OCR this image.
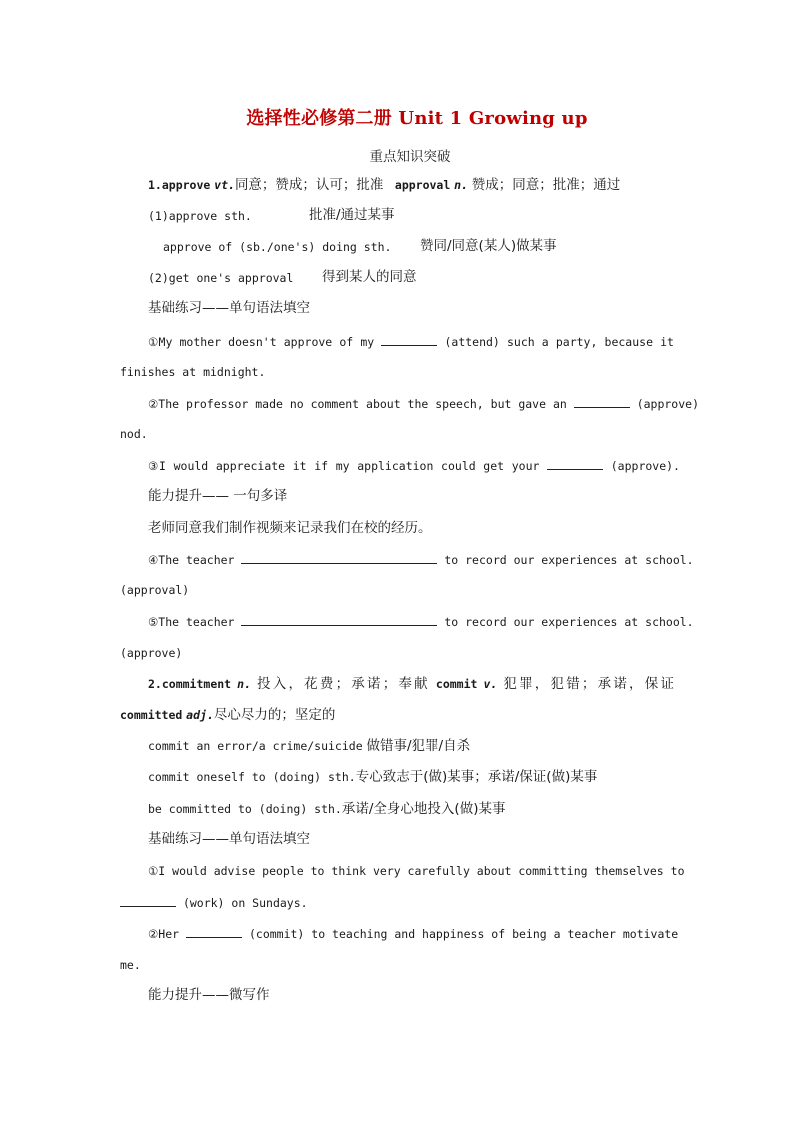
选择性必修第二册 Unit 1 Growing up
重点知识突破
1.approve vt.同意；赞成；认可；批准 approval n. 赞成；同意；批准；通过
(1)approve sth.	批准/通过某事
approve of (sb./one's) doing sth. 赞同/同意(某人)做某事
(2)get one's approval 得到某人的同意
基础练习——单句语法填空
①My mother doesn't approve of my	(attend) such a party, because it
finishes at midnight.
②The professor made no comment about the speech, but gave an	(approve)
nod.
③I would appreciate it if my application could get your	(approve).
能力提升—— 一句多译
老师同意我们制作视频来记录我们在校的经历。
④The teacher	to record our experiences at school.
(approval)
⑤The teacher	to record our experiences at school.
(approve)
2.commitment n. 投入，花费；承诺；奉献 commit v. 犯罪，犯错；承诺，保证
committed adj.尽心尽力的；坚定的
commit an error/a crime/suicide 做错事/犯罪/自杀
commit oneself to (doing) sth.专心致志于(做)某事；承诺/保证(做)某事
be committed to (doing) sth.承诺/全身心地投入(做)某事
基础练习——单句语法填空
①I would advise people to think very carefully about committing themselves to
(work) on Sundays.
②Her	(commit) to teaching and happiness of being a teacher motivate
me.
能力提升——微写作
